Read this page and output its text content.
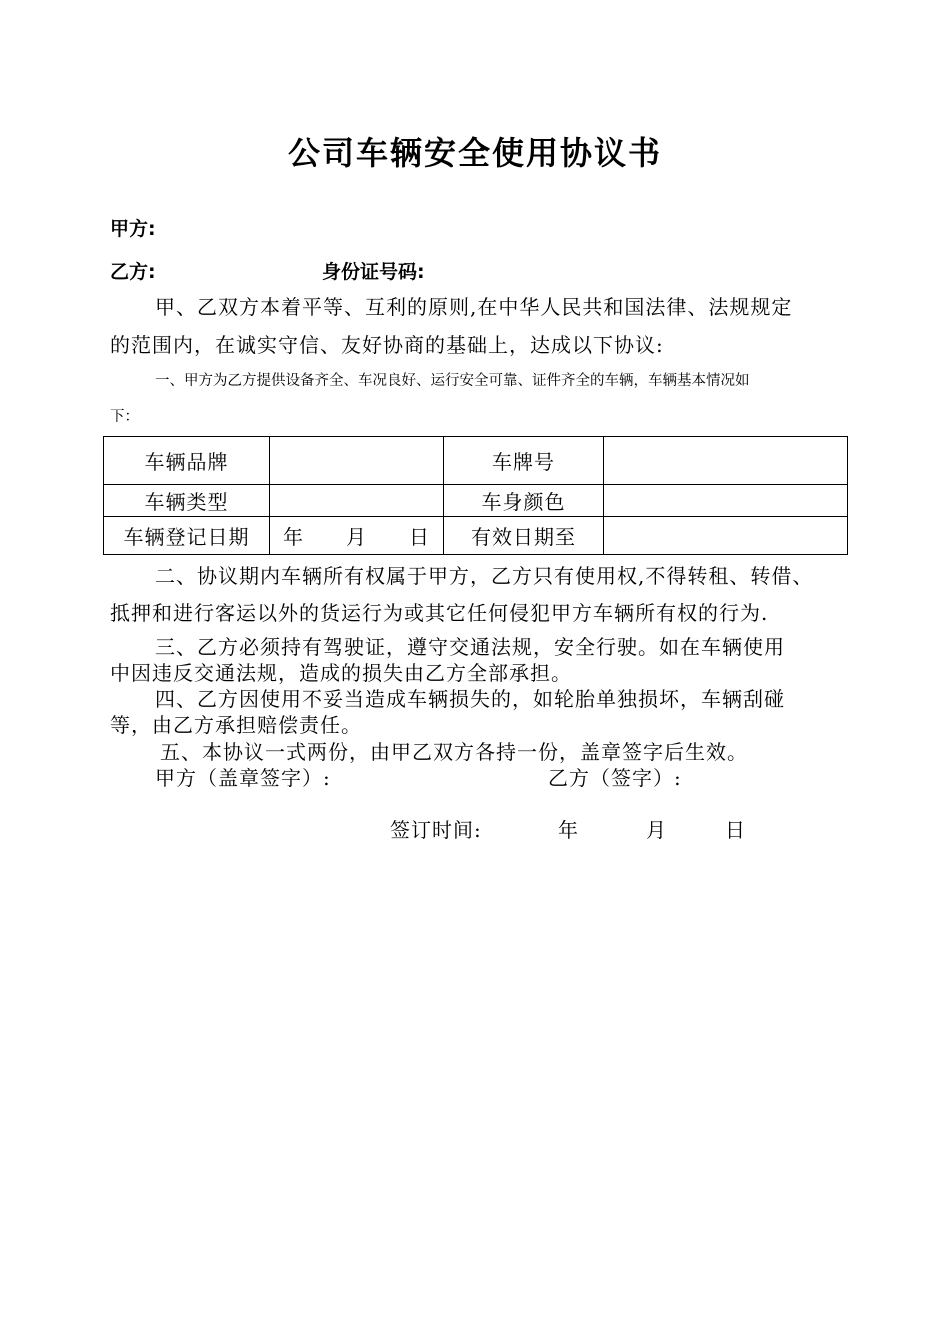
公司车辆安全使用协议书
甲方:
乙方:	身份证号码:
甲、乙双方本着平等、互利的原则,在中华人民共和国法律、法规规定
的范围内，在诚实守信、友好协商的基础上，达成以下协议:
一、甲方为乙方提供设备齐全、车况良好、运行安全可靠、证件齐全的车辆，车辆基本情况如
下：
车辆品牌		车牌号	
车辆类型		车身颜色	
车辆登记日期	年　　月　　日	有效日期至	
二、协议期内车辆所有权属于甲方，乙方只有使用权,不得转租、转借、
抵押和进行客运以外的货运行为或其它任何侵犯甲方车辆所有权的行为.
三、乙方必须持有驾驶证，遵守交通法规，安全行驶。如在车辆使用
中因违反交通法规，造成的损失由乙方全部承担。
四、乙方因使用不妥当造成车辆损失的，如轮胎单独损坏，车辆刮碰
等，由乙方承担赔偿责任。
五、本协议一式两份，由甲乙双方各持一份，盖章签字后生效。
甲方（盖章签字）:	乙方（签字）:
签订时间:	年	月	日
